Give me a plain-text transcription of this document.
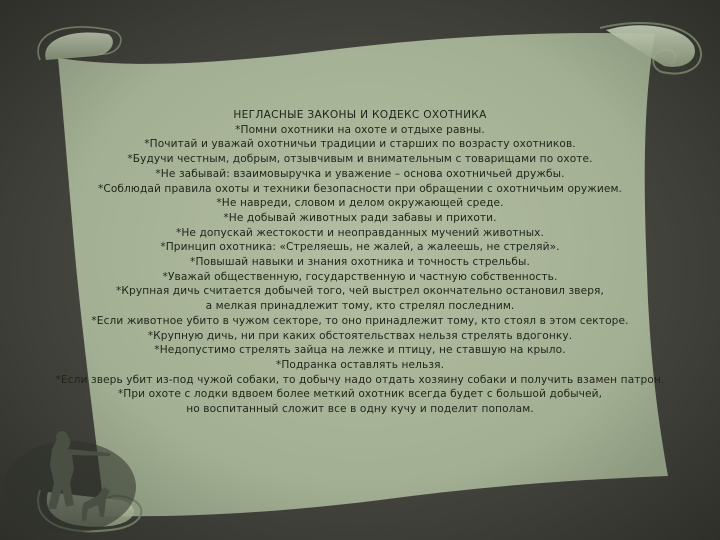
НЕГЛАСНЫЕ ЗАКОНЫ И КОДЕКС ОХОТНИКА
*Помни охотники на охоте и отдыхе равны.
*Почитай и уважай охотничьи традиции и старших по возрасту охотников.
*Будучи честным, добрым, отзывчивым и внимательным с товарищами по охоте.
*Не забывай: взаимовыручка и уважение – основа охотничьей дружбы.
*Соблюдай правила охоты и техники безопасности при обращении с охотничьим оружием.
*Не навреди, словом и делом окружающей среде.
*Не добывай животных ради забавы и прихоти.
*Не допускай жестокости и неоправданных мучений животных.
*Принцип охотника: «Стреляешь, не жалей, а жалеешь, не стреляй».
*Повышай навыки и знания охотника и точность стрельбы.
*Уважай общественную, государственную и частную собственность.
*Крупная дичь считается добычей того, чей выстрел окончательно остановил зверя,
а мелкая принадлежит тому, кто стрелял последним.
*Если животное убито в чужом секторе, то оно принадлежит тому, кто стоял в этом секторе.
*Крупную дичь, ни при каких обстоятельствах нельзя стрелять вдогонку.
*Недопустимо стрелять зайца на лежке и птицу, не ставшую на крыло.
*Подранка оставлять нельзя.
*Если зверь убит из-под чужой собаки, то добычу надо отдать хозяину собаки и получить взамен патрон.
*При охоте с лодки вдвоем более меткий охотник всегда будет с большой добычей,
но воспитанный сложит все в одну кучу и поделит пополам.
